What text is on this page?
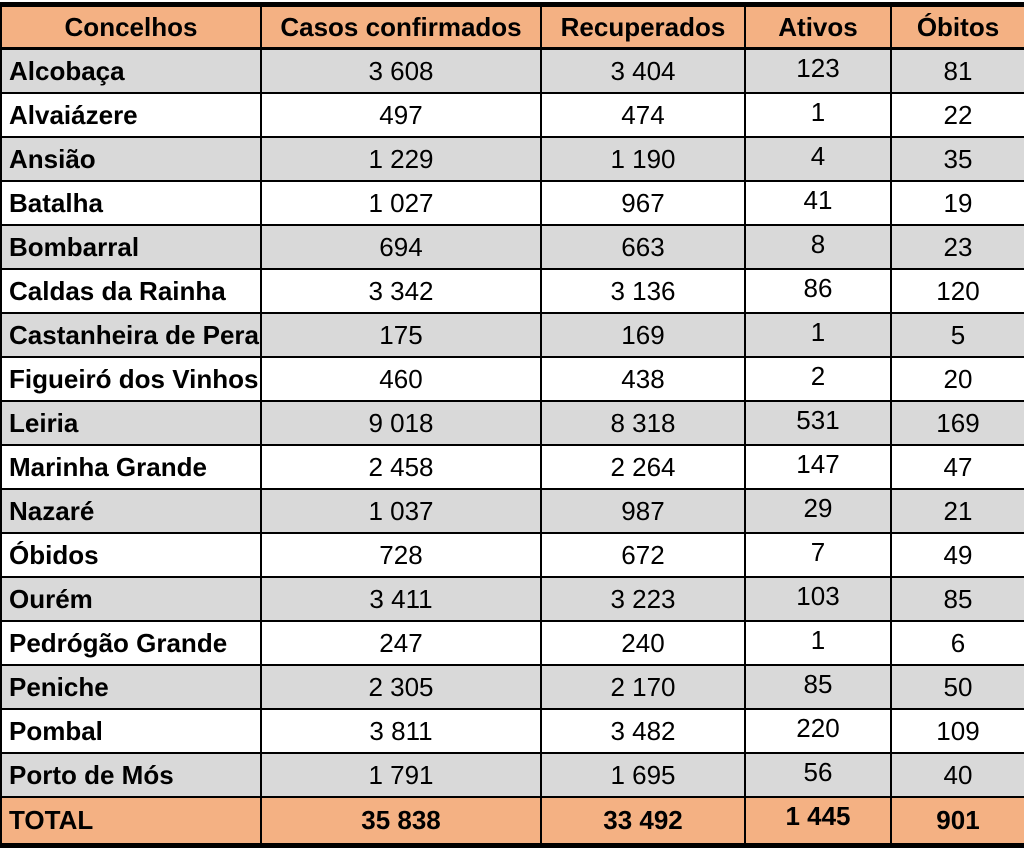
Concelhos	Casos confirmados	Recuperados	Ativos	Óbitos
Alcobaça	3 608	3 404	123	81
Alvaiázere	497	474	1	22
Ansião	1 229	1 190	4	35
Batalha	1 027	967	41	19
Bombarral	694	663	8	23
Caldas da Rainha	3 342	3 136	86	120
Castanheira de Pera	175	169	1	5
Figueiró dos Vinhos	460	438	2	20
Leiria	9 018	8 318	531	169
Marinha Grande	2 458	2 264	147	47
Nazaré	1 037	987	29	21
Óbidos	728	672	7	49
Ourém	3 411	3 223	103	85
Pedrógão Grande	247	240	1	6
Peniche	2 305	2 170	85	50
Pombal	3 811	3 482	220	109
Porto de Mós	1 791	1 695	56	40
TOTAL	35 838	33 492	1 445	901
